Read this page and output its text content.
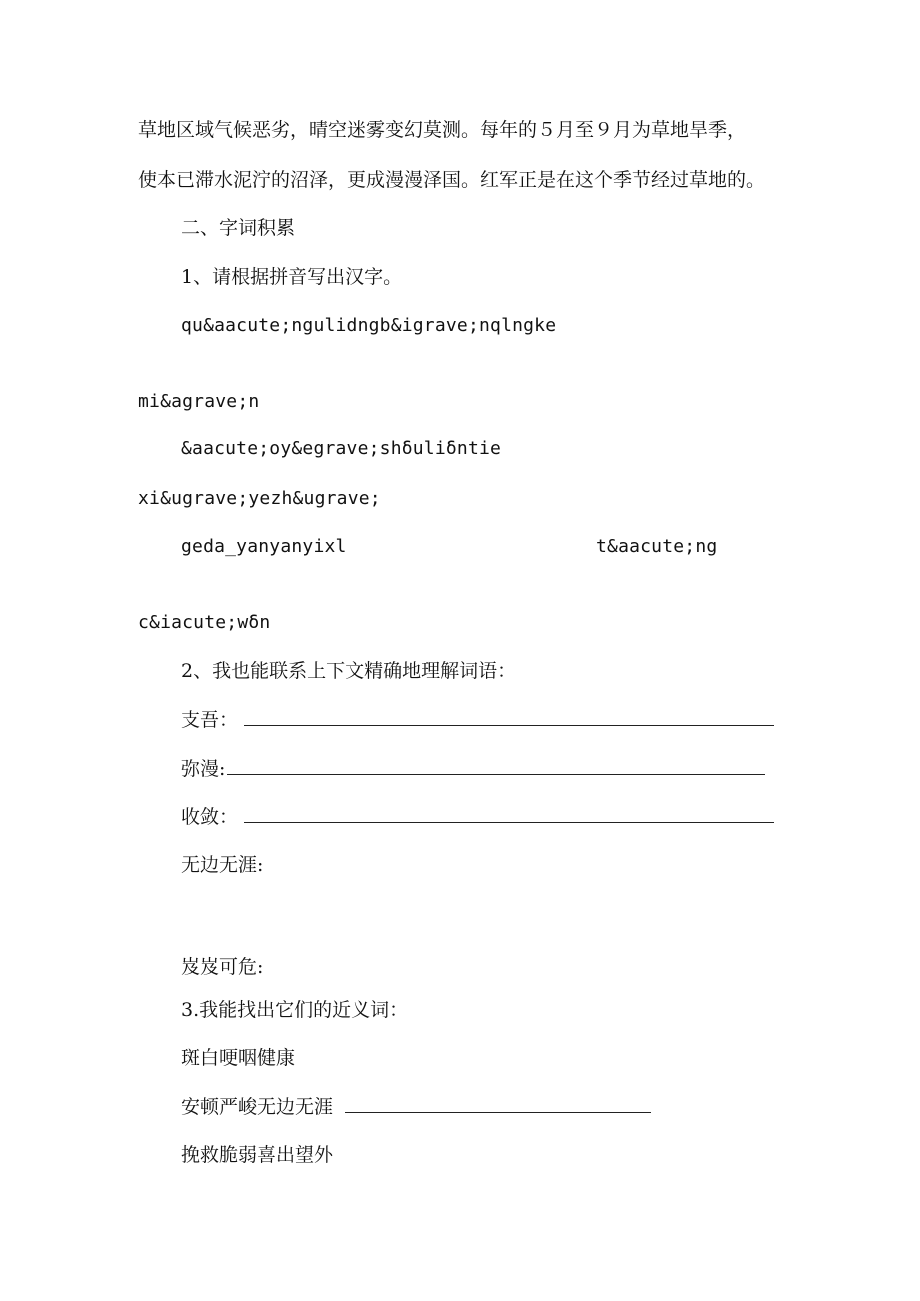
草地区域气候恶劣，晴空迷雾变幻莫测。每年的５月至９月为草地旱季，
使本已滞水泥泞的沼泽，更成漫漫泽国。红军正是在这个季节经过草地的。
二、字词积累
1、请根据拼音写出汉字。
qu&aacute;ngulidngb&igrave;nqlngke
mi&agrave;n
&aacute;oy&egrave;shδuliδntie
xi&ugrave;yezh&ugrave;
geda_yanyanyixl	t&aacute;ng
c&iacute;wδn
2、我也能联系上下文精确地理解词语：
支吾：
弥漫:
收敛：
无边无涯:
岌岌可危:
3.我能找出它们的近义词：
斑白哽咽健康
安顿严峻无边无涯
挽救脆弱喜出望外
